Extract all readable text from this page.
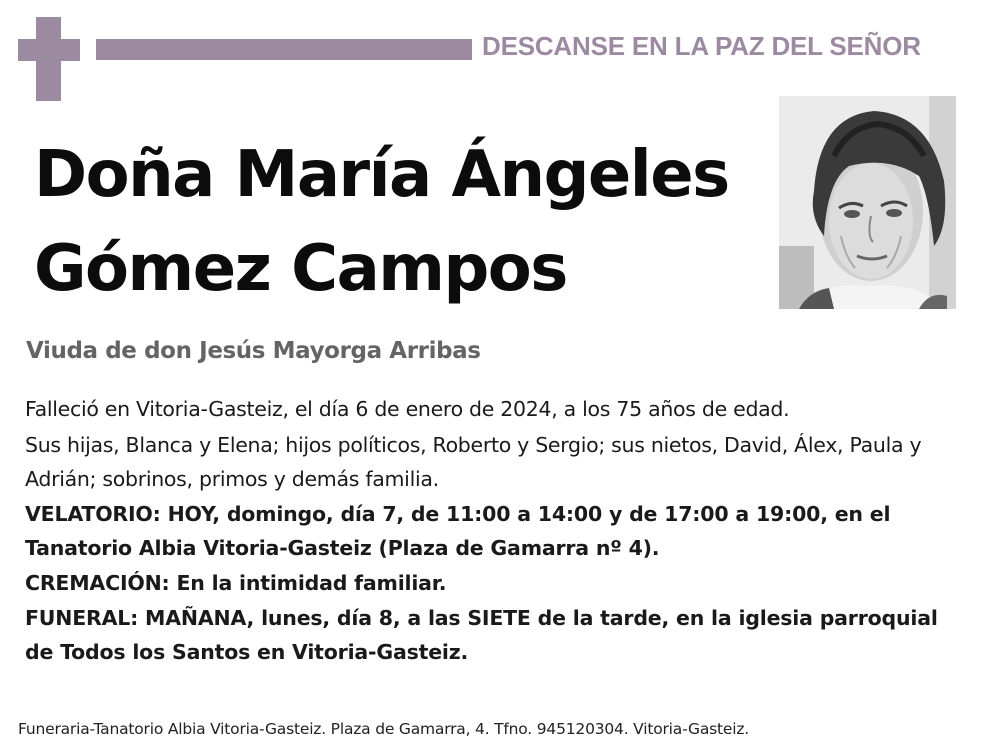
DESCANSE EN LA PAZ DEL SEÑOR
Doña María Ángeles
Gómez Campos
Viuda de don Jesús Mayorga Arribas

Falleció en Vitoria-Gasteiz, el día 6 de enero de 2024, a los 75 años de edad.

Sus hijas, Blanca y Elena; hijos políticos, Roberto y Sergio; sus nietos, David, Álex, Paula y Adrián; sobrinos, primos y demás familia.

VELATORIO: HOY, domingo, día 7, de 11:00 a 14:00 y de 17:00 a 19:00, en el Tanatorio Albia Vitoria-Gasteiz (Plaza de Gamarra nº 4).

CREMACIÓN: En la intimidad familiar.

FUNERAL: MAÑANA, lunes, día 8, a las SIETE de la tarde, en la iglesia parroquial de Todos los Santos en Vitoria-Gasteiz.

Funeraria-Tanatorio Albia Vitoria-Gasteiz. Plaza de Gamarra, 4. Tfno. 945120304. Vitoria-Gasteiz.
